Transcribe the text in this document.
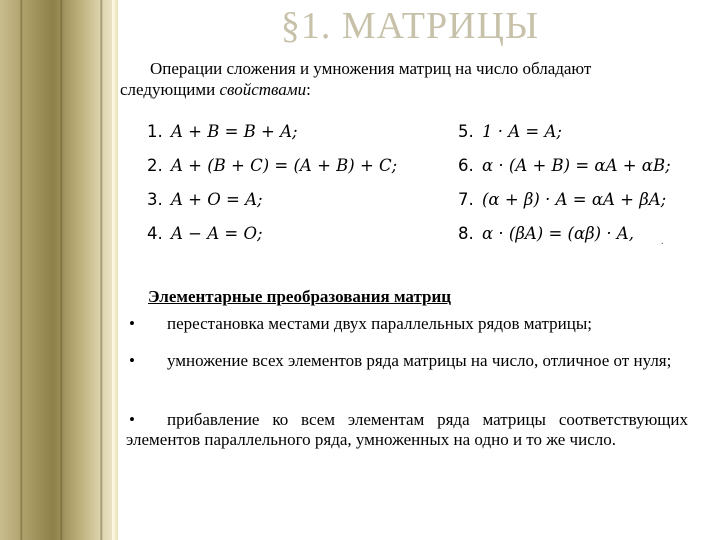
§1. МАТРИЦЫ
Операции сложения и умножения матриц на число обладают
следующими свойствами:
1. A + B = B + A;
2. A + (B + C) = (A + B) + C;
3. A + O = A;
4. A − A = O;
5. 1 · A = A;
6. α · (A + B) = αA + αB;
7. (α + β) · A = αA + βA;
8. α · (βA) = (αβ) · A,	.
Элементарные преобразования матриц
• перестановка местами двух параллельных рядов матрицы;
• умножение всех элементов ряда матрицы на число, отличное от нуля;
• прибавление ко всем элементам ряда матрицы соответствующих элементов параллельного ряда, умноженных на одно и то же число.
